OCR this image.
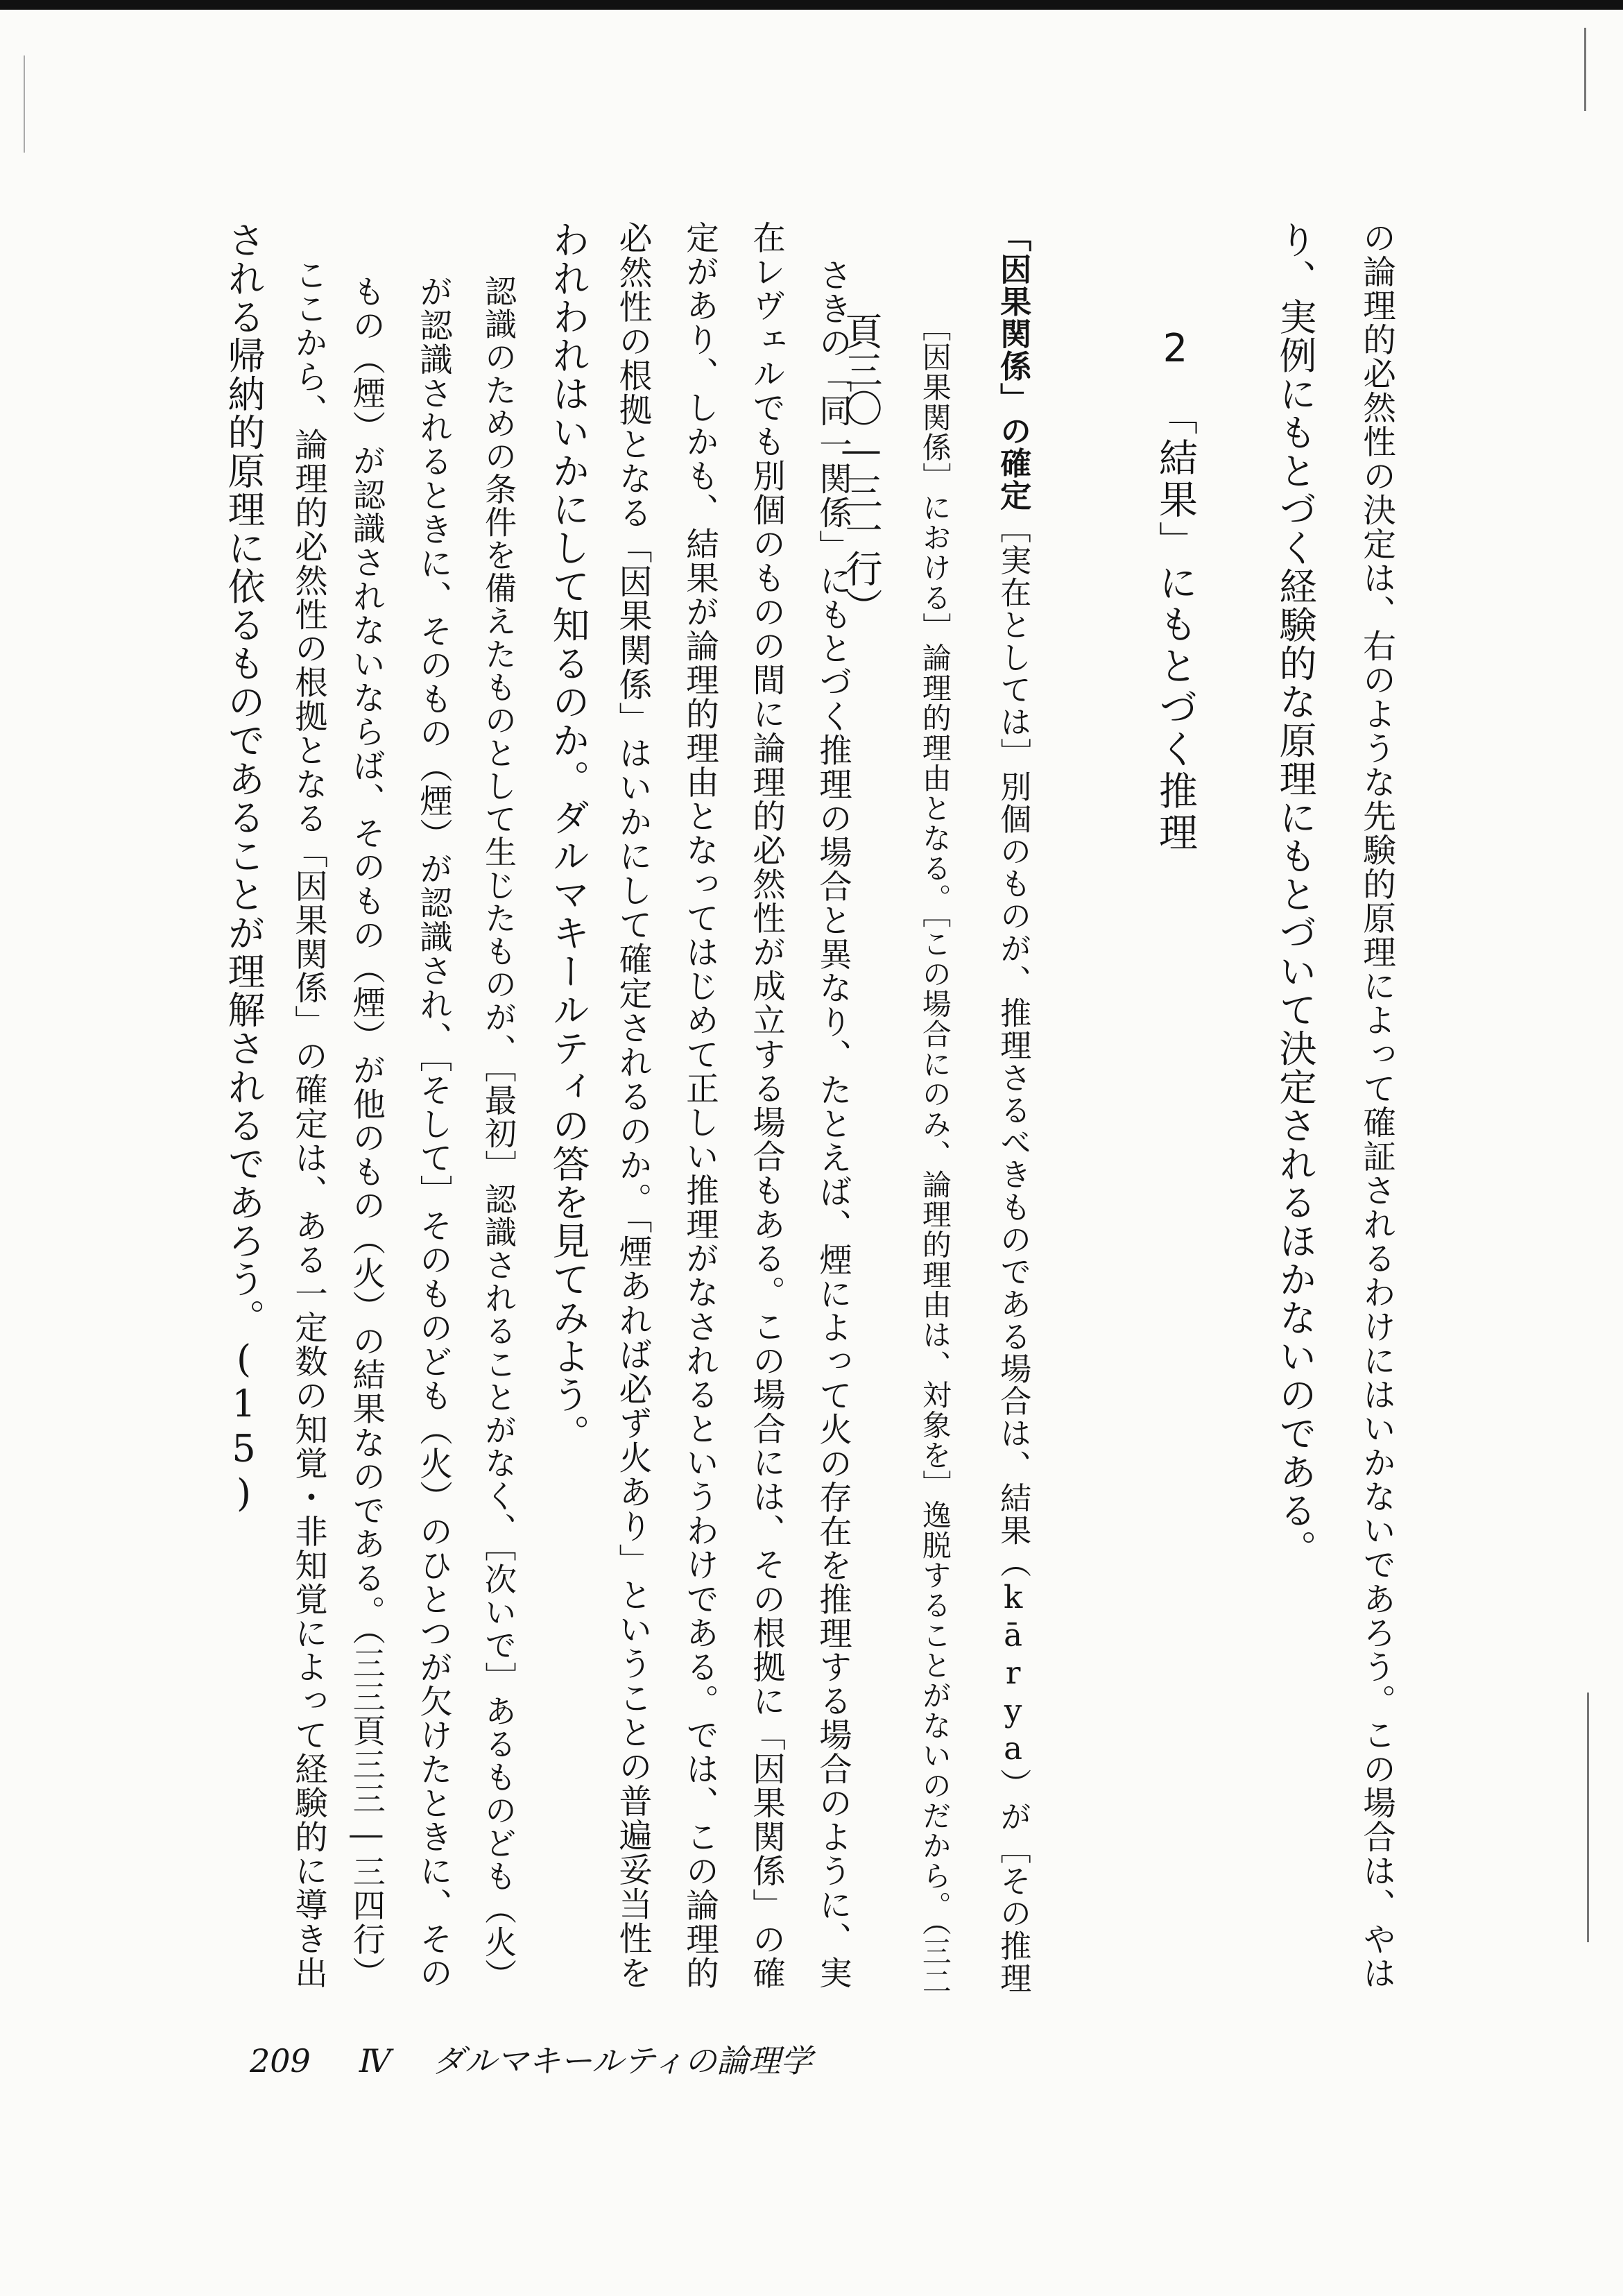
の論理的必然性の決定は、右のような先験的原理によって確証されるわけにはいかないであろう。この場合は、やは
り、実例にもとづく経験的な原理にもとづいて決定されるほかないのである。
2　「結果」にもとづく推理
「因果関係」の確定［実在としては］別個のものが、推理さるべきものである場合は、結果（kārya）が［その推理
［因果関係］における］論理的理由となる。［この場合にのみ、論理的理由は、対象を］逸脱することがないのだから。（三二
頁三〇―三一行）
さきの「同一関係」にもとづく推理の場合と異なり、たとえば、煙によって火の存在を推理する場合のように、実
在レヴェルでも別個のものの間に論理的必然性が成立する場合もある。この場合には、その根拠に「因果関係」の確
定があり、しかも、結果が論理的理由となってはじめて正しい推理がなされるというわけである。では、この論理的
必然性の根拠となる「因果関係」はいかにして確定されるのか。「煙あれば必ず火あり」ということの普遍妥当性を
われわれはいかにして知るのか。ダルマキールティの答を見てみよう。
認識のための条件を備えたものとして生じたものが、［最初］認識されることがなく、［次いで］あるものども（火）
が認識されるときに、そのもの（煙）が認識され、［そして］そのものども（火）のひとつが欠けたときに、その
もの（煙）が認識されないならば、そのもの（煙）が他のもの（火）の結果なのである。（三三頁三三―三四行）
ここから、論理的必然性の根拠となる「因果関係」の確定は、ある一定数の知覚・非知覚によって経験的に導き出
される帰納的原理に依るものであることが理解されるであろう。(15)
209 Ⅳ ダルマキールティの論理学
